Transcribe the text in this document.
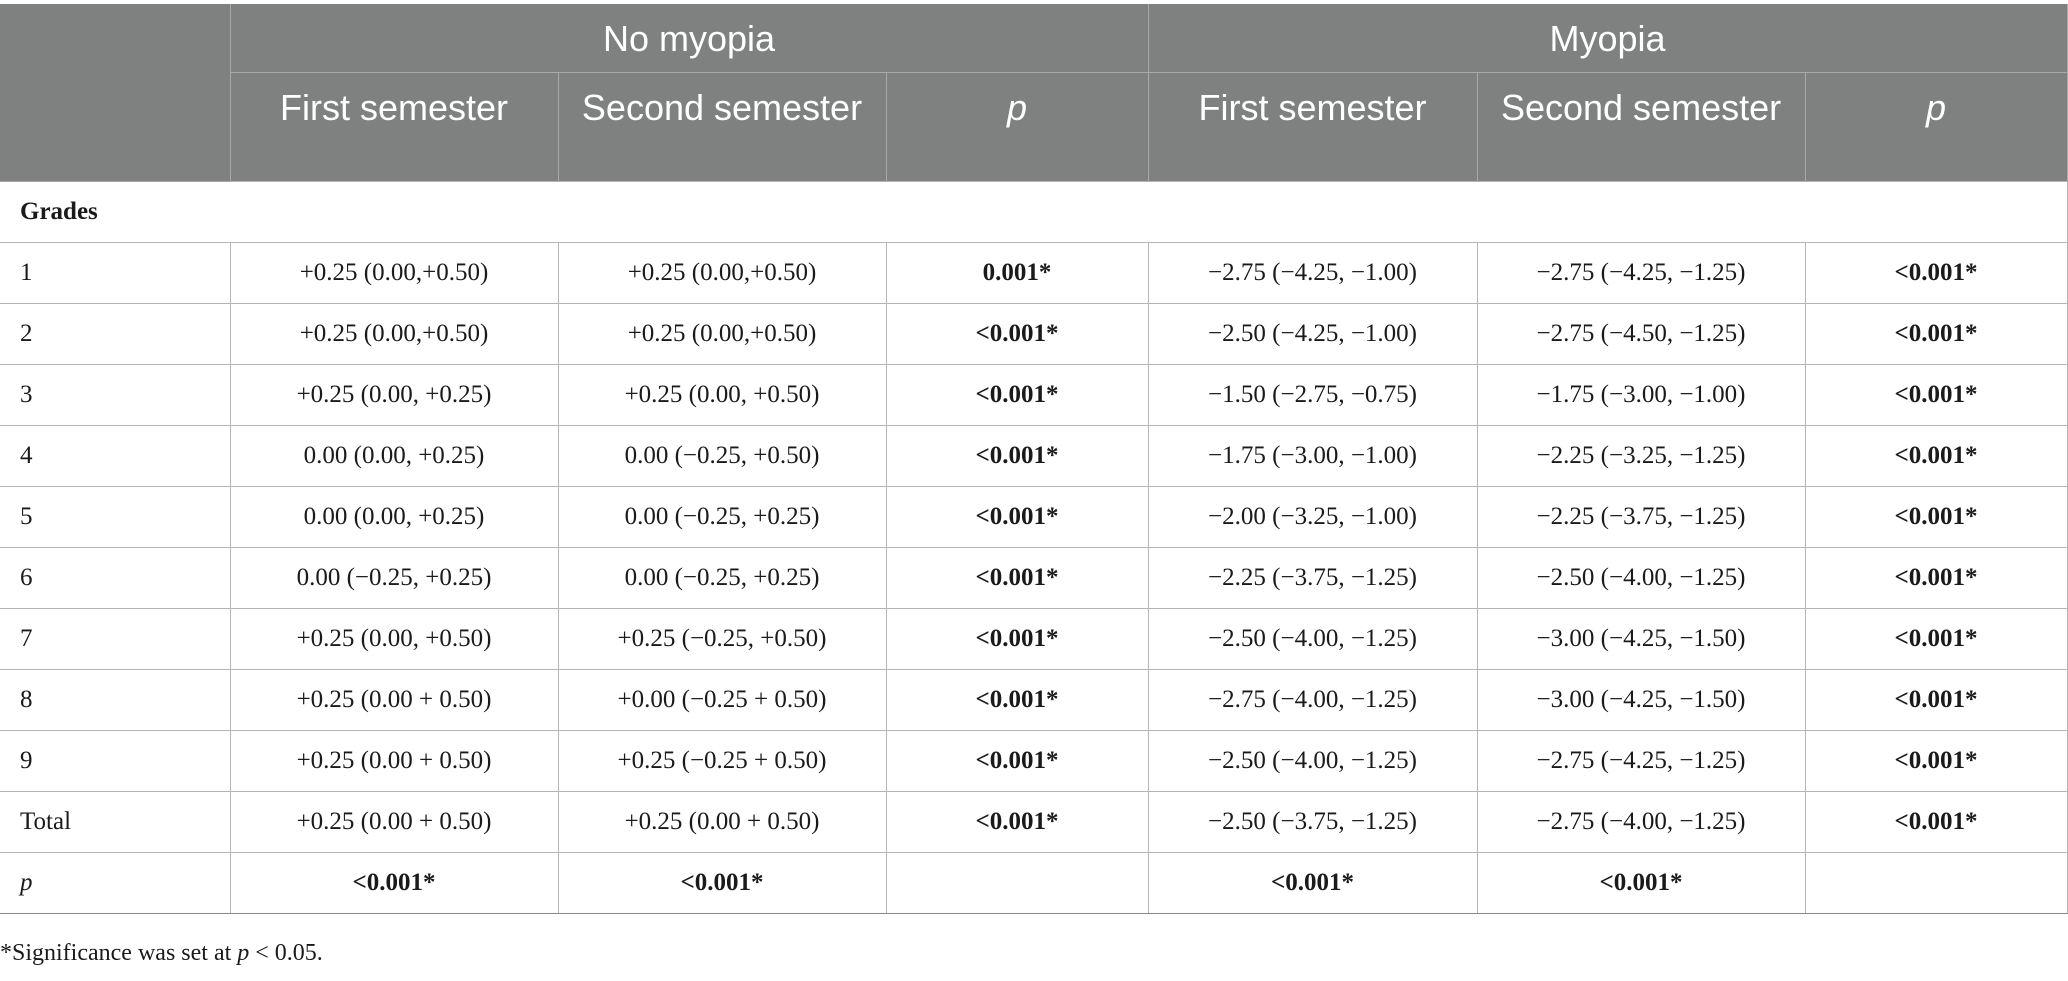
	No myopia			Myopia		
	First semester	Second semester	p	First semester	Second semester	p
Grades						
1	+0.25 (0.00,+0.50)	+0.25 (0.00,+0.50)	0.001*	−2.75 (−4.25, −1.00)	−2.75 (−4.25, −1.25)	<0.001*
2	+0.25 (0.00,+0.50)	+0.25 (0.00,+0.50)	<0.001*	−2.50 (−4.25, −1.00)	−2.75 (−4.50, −1.25)	<0.001*
3	+0.25 (0.00, +0.25)	+0.25 (0.00, +0.50)	<0.001*	−1.50 (−2.75, −0.75)	−1.75 (−3.00, −1.00)	<0.001*
4	0.00 (0.00, +0.25)	0.00 (−0.25, +0.50)	<0.001*	−1.75 (−3.00, −1.00)	−2.25 (−3.25, −1.25)	<0.001*
5	0.00 (0.00, +0.25)	0.00 (−0.25, +0.25)	<0.001*	−2.00 (−3.25, −1.00)	−2.25 (−3.75, −1.25)	<0.001*
6	0.00 (−0.25, +0.25)	0.00 (−0.25, +0.25)	<0.001*	−2.25 (−3.75, −1.25)	−2.50 (−4.00, −1.25)	<0.001*
7	+0.25 (0.00, +0.50)	+0.25 (−0.25, +0.50)	<0.001*	−2.50 (−4.00, −1.25)	−3.00 (−4.25, −1.50)	<0.001*
8	+0.25 (0.00 + 0.50)	+0.00 (−0.25 + 0.50)	<0.001*	−2.75 (−4.00, −1.25)	−3.00 (−4.25, −1.50)	<0.001*
9	+0.25 (0.00 + 0.50)	+0.25 (−0.25 + 0.50)	<0.001*	−2.50 (−4.00, −1.25)	−2.75 (−4.25, −1.25)	<0.001*
Total	+0.25 (0.00 + 0.50)	+0.25 (0.00 + 0.50)	<0.001*	−2.50 (−3.75, −1.25)	−2.75 (−4.00, −1.25)	<0.001*
p	<0.001*	<0.001*		<0.001*	<0.001*	
*Significance was set at p < 0.05.
